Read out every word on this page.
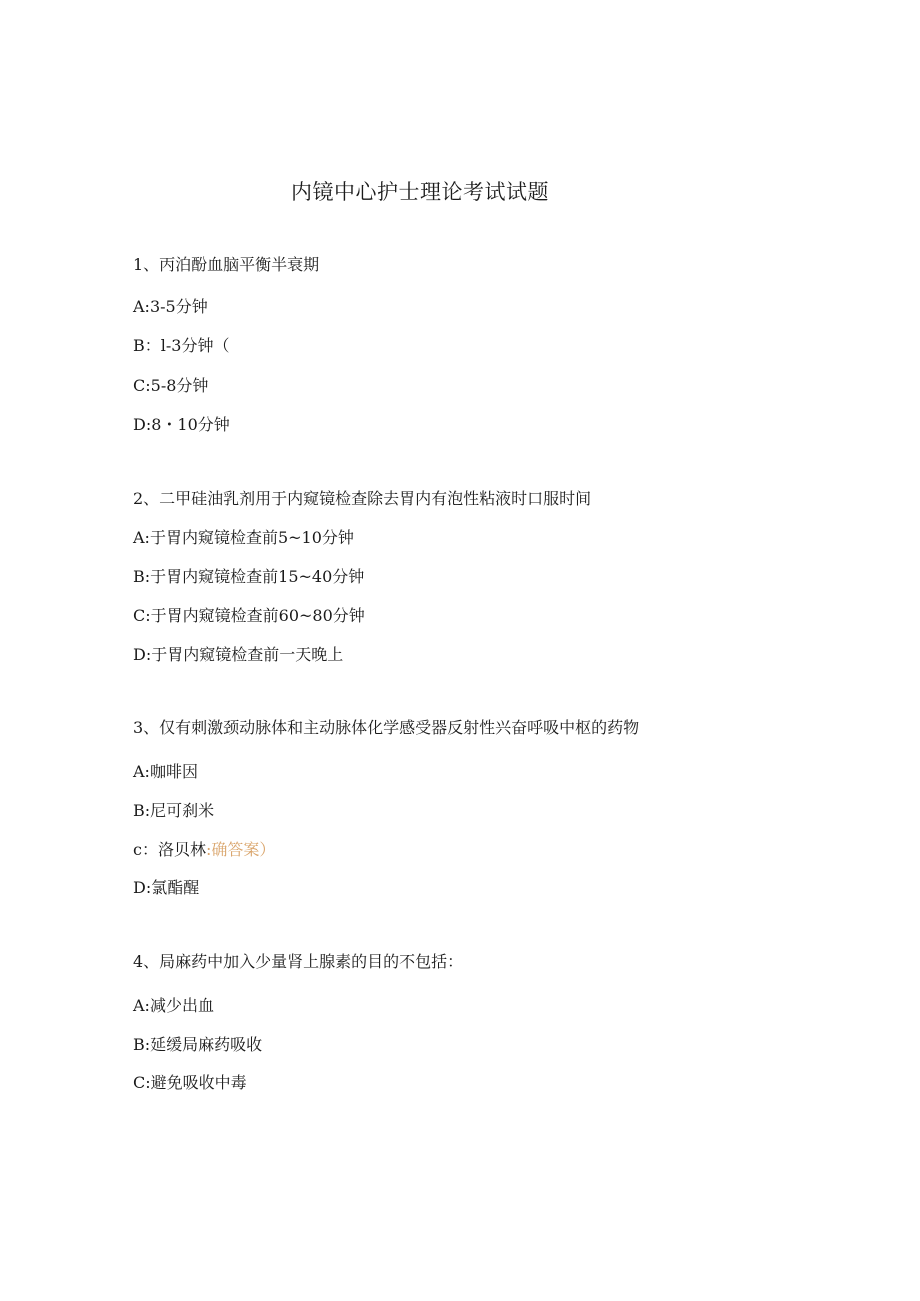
内镜中心护士理论考试试题

1、丙泊酚血脑平衡半衰期

A:3-5分钟

B：l-3分钟（

C:5-8分钟

D:8・10分钟

2、二甲硅油乳剂用于内窥镜检查除去胃内有泡性粘液时口服时间

A:于胃内窥镜检查前5~10分钟

B:于胃内窥镜检查前15~40分钟

C:于胃内窥镜检查前60~80分钟

D:于胃内窥镜检查前一天晚上

3、仅有刺激颈动脉体和主动脉体化学感受器反射性兴奋呼吸中枢的药物

A:咖啡因

B:尼可刹米

c：洛贝林:确答案）

D:氯酯醒

4、局麻药中加入少量肾上腺素的目的不包括：

A:减少出血

B:延缓局麻药吸收

C:避免吸收中毒
